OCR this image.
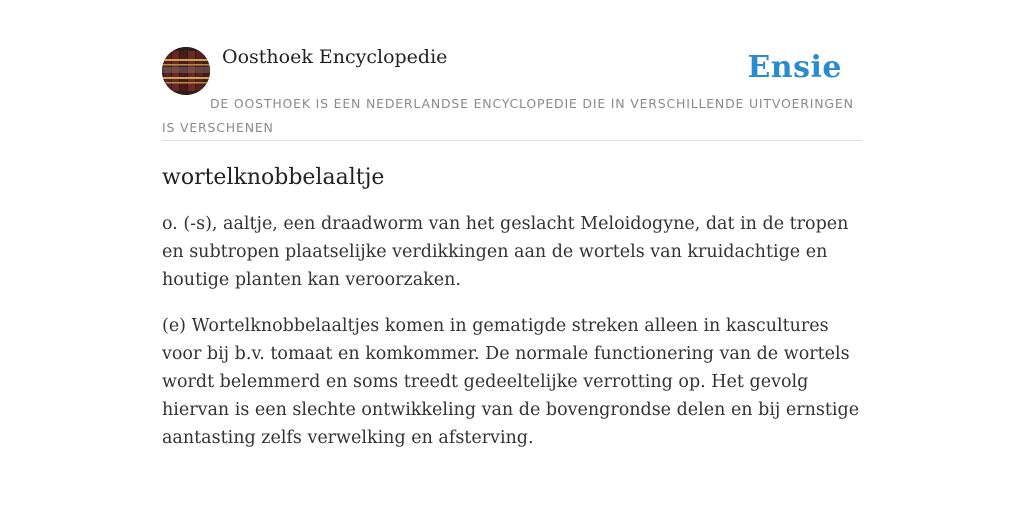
Oosthoek Encyclopedie	Ensie
DE OOSTHOEK IS EEN NEDERLANDSE ENCYCLOPEDIE DIE IN VERSCHILLENDE UITVOERINGEN IS VERSCHENEN
wortelknobbelaaltje

o. (-s), aaltje, een draadworm van het geslacht Meloidogyne, dat in de tropen en subtropen plaatselijke verdikkingen aan de wortels van kruidachtige en houtige planten kan veroorzaken.

(e) Wortelknobbelaaltjes komen in gematigde streken alleen in kascultures voor bij b.v. tomaat en komkommer. De normale functionering van de wortels wordt belemmerd en soms treedt gedeeltelijke verrotting op. Het gevolg hiervan is een slechte ontwikkeling van de bovengrondse delen en bij ernstige aantasting zelfs verwelking en afsterving.
